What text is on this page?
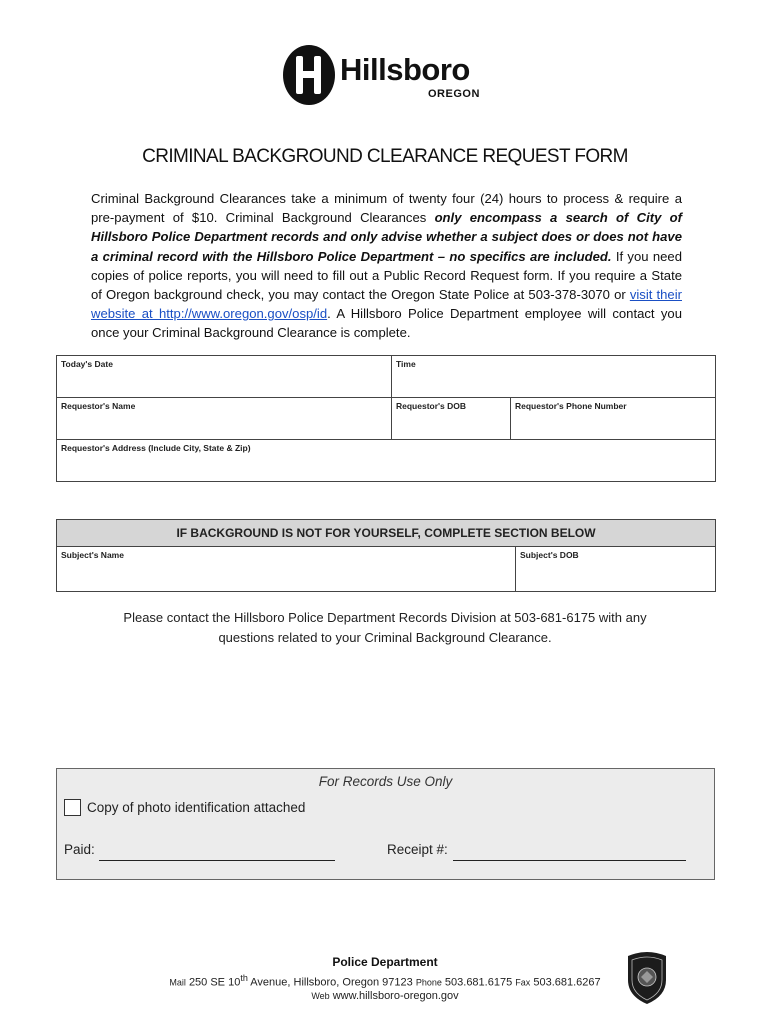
Hillsboro
OREGON
CRIMINAL BACKGROUND CLEARANCE REQUEST FORM
Criminal Background Clearances take a minimum of twenty four (24) hours to process & require a pre-payment of $10. Criminal Background Clearances only encompass a search of City of Hillsboro Police Department records and only advise whether a subject does or does not have a criminal record with the Hillsboro Police Department – no specifics are included. If you need copies of police reports, you will need to fill out a Public Record Request form. If you require a State of Oregon background check, you may contact the Oregon State Police at 503-378-3070 or visit their website at http://www.oregon.gov/osp/id. A Hillsboro Police Department employee will contact you once your Criminal Background Clearance is complete.
Today's Date	Time	
Requestor's Name	Requestor's DOB	Requestor's Phone Number
Requestor's Address (Include City, State & Zip)		
IF BACKGROUND IS NOT FOR YOURSELF, COMPLETE SECTION BELOW
Subject's Name	Subject's DOB
Please contact the Hillsboro Police Department Records Division at 503-681-6175 with any
questions related to your Criminal Background Clearance.
For Records Use Only
Copy of photo identification attached
Paid:	Receipt #:
Police Department
Mail 250 SE 10th Avenue, Hillsboro, Oregon 97123 Phone 503.681.6175 Fax 503.681.6267
Web www.hillsboro-oregon.gov
